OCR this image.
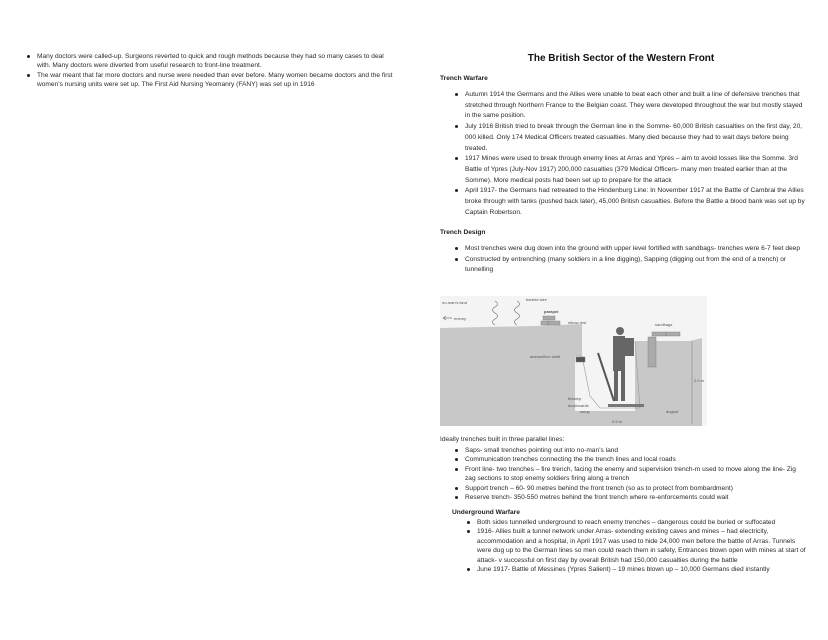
Many doctors were called-up. Surgeons reverted to quick and rough methods because they had so many cases to deal with. Many doctors were diverted from useful research to front-line treatment.
The war meant that far more doctors and nurse were needed than ever before. Many women became doctors and the first women’s nursing units were set up. The First Aid Nursing Yeomanry (FANY) was set up in 1916
The British Sector of the Western Front
Trench Warfare
Autumn 1914 the Germans and the Allies were unable to beat each other and built a line of defensive trenches that stretched through Northern France to the Belgian coast. They were developed throughout the war but mostly stayed in the same position.
July 1916 British tried to break through the German line in the Somme- 60,000 British casualties on the first day, 20, 000 killed. Only 174 Medical Officers treated casualties. Many died because they had to wait days before being treated.
1917 Mines were used to break through enemy lines at Arras and Ypres – aim to avoid losses like the Somme. 3rd Battle of Ypres (July-Nov 1917) 200,000 casualties (379 Medical Officers- many men treated earlier than at the Somme). More medical posts had been set up to prepare for the attack
April 1917- the Germans had retreated to the Hindenburg Line: In November 1917 at the Battle of Cambrai the Allies broke through with tanks (pushed back later), 45,000 British casualties. Before the Battle a blood bank was set up by Captain Robertson.
Trench Design
Most trenches were dug down into the ground with upper level fortified with sandbags- trenches were 6-7 feet deep
Constructed by entrenching (many soldiers in a line digging), Sapping (digging out from the end of a trench) or tunnelling
no-man's land
enemy
barbed wire
parapet
elbow rest	sandbags
ammunition shelf
firestep
duckboards
sump	dugout
2.0 m
0.6 m
Ideally trenches built in three parallel lines:
Saps- small trenches pointing out into no-man’s land
Communication trenches connecting the the trench lines and local roads
Front line- two trenches – fire trench, facing the enemy and supervision trench-m used to move along the line- Zig zag sections to stop enemy soldiers firing along a trench
Support trench – 60- 90 metres behind the front trench (so as to protect from bombardment)
Reserve trench- 350-550 metres behind the front trench where re-enforcements could wait
Underground Warfare
Both sides tunnelled underground to reach enemy trenches – dangerous could be buried or suffocated
1916- Allies built a tunnel network under Arras- extending existing caves and mines – had electricity, accommodation and a hospital, in April 1917 was used to hide 24,000 men before the battle of Arras. Tunnels were dug up to the German lines so men could reach them in safety, Entrances blown open with mines at start of attack- v successful on first day by overall British had 150,000 casualties during the battle
June 1917- Battle of Messines (Ypres Salient) – 19 mines blown up – 10,000 Germans died instantly
